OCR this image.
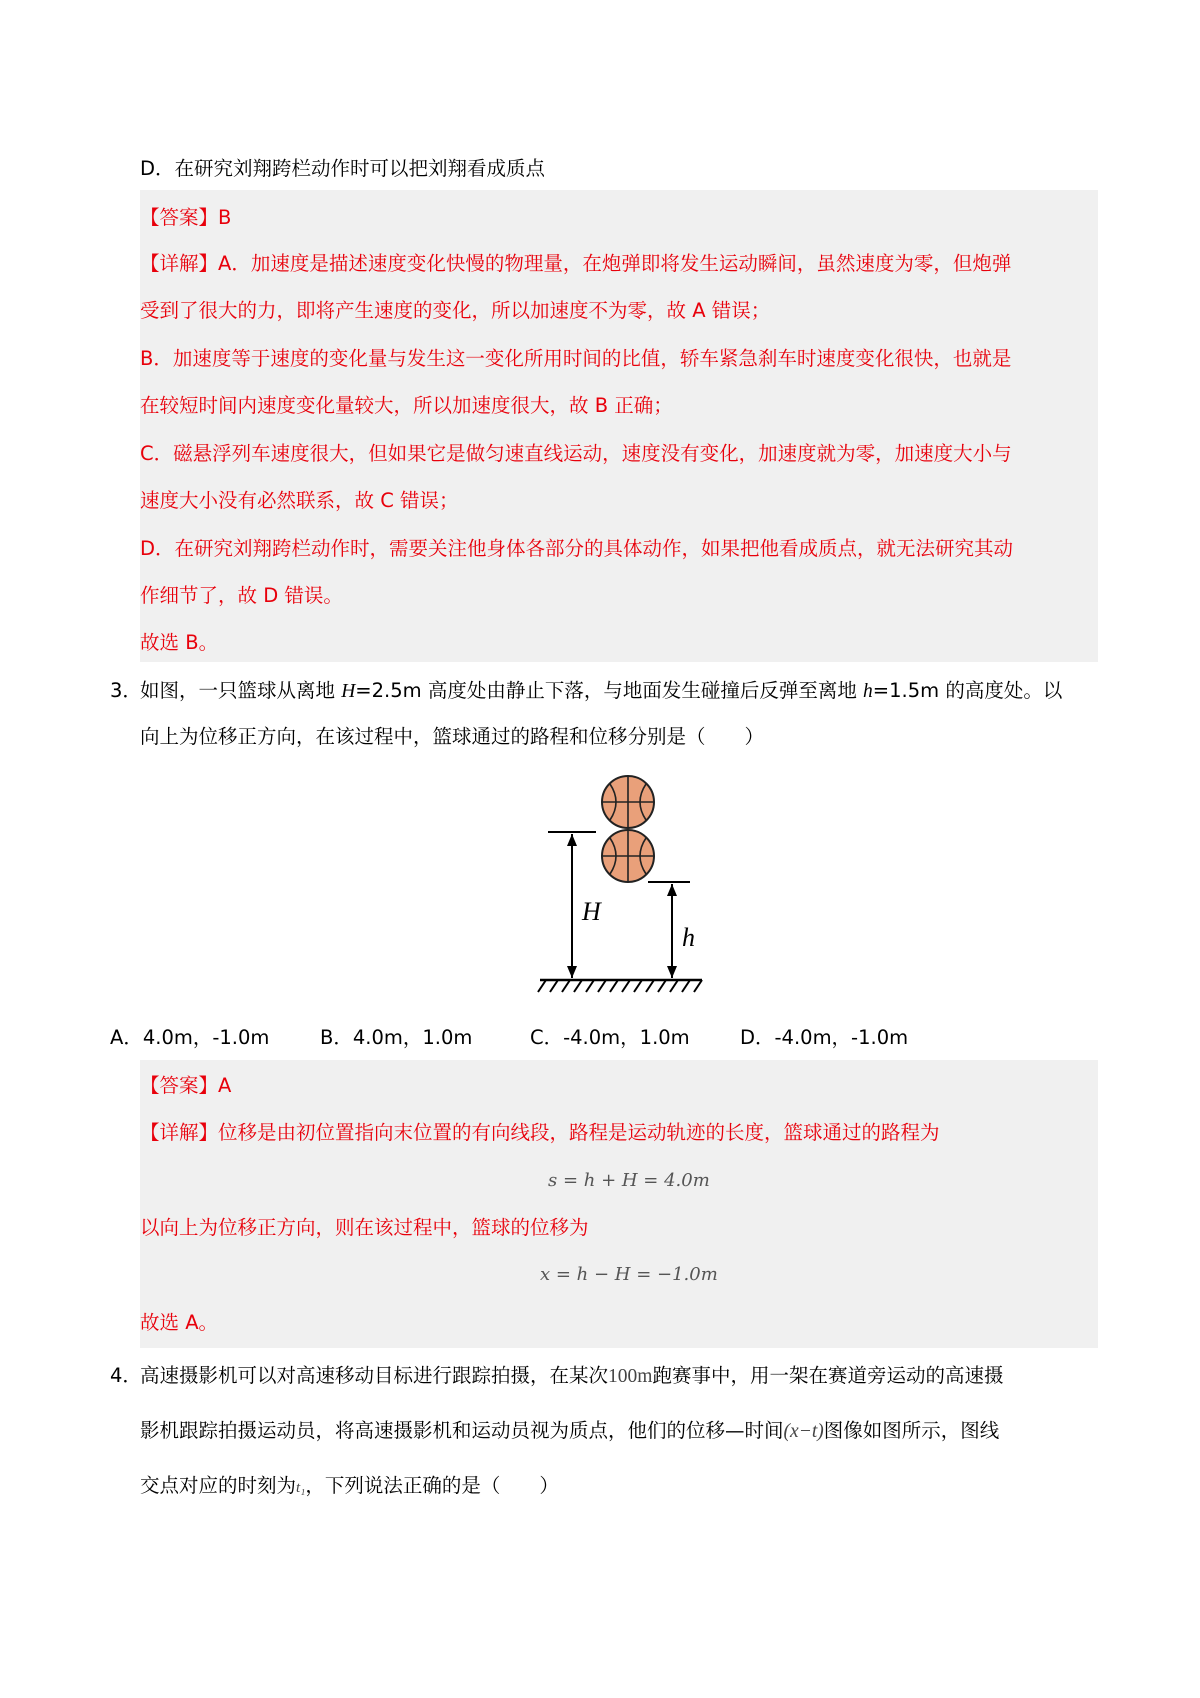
D．在研究刘翔跨栏动作时可以把刘翔看成质点
【答案】B
【详解】A．加速度是描述速度变化快慢的物理量，在炮弹即将发生运动瞬间，虽然速度为零，但炮弹
受到了很大的力，即将产生速度的变化，所以加速度不为零，故 A 错误；
B．加速度等于速度的变化量与发生这一变化所用时间的比值，轿车紧急刹车时速度变化很快，也就是
在较短时间内速度变化量较大，所以加速度很大，故 B 正确；
C．磁悬浮列车速度很大，但如果它是做匀速直线运动，速度没有变化，加速度就为零，加速度大小与
速度大小没有必然联系，故 C 错误；
D．在研究刘翔跨栏动作时，需要关注他身体各部分的具体动作，如果把他看成质点，就无法研究其动
作细节了，故 D 错误。
故选 B。
3．
如图，一只篮球从离地 H=2.5m 高度处由静止下落，与地面发生碰撞后反弹至离地 h=1.5m 的高度处。以
向上为位移正方向，在该过程中，篮球通过的路程和位移分别是（　　）
H
h
A．4.0m，-1.0m	B．4.0m，1.0m	C．-4.0m，1.0m	D．-4.0m，-1.0m
【答案】A
【详解】位移是由初位置指向末位置的有向线段，路程是运动轨迹的长度，篮球通过的路程为
s = h + H = 4.0m
以向上为位移正方向，则在该过程中，篮球的位移为
x = h − H = −1.0m
故选 A。
4．
高速摄影机可以对高速移动目标进行跟踪拍摄，在某次100m跑赛事中，用一架在赛道旁运动的高速摄
影机跟踪拍摄运动员，将高速摄影机和运动员视为质点，他们的位移—时间(x−t)图像如图所示，图线
交点对应的时刻为t₁，下列说法正确的是（　　）
